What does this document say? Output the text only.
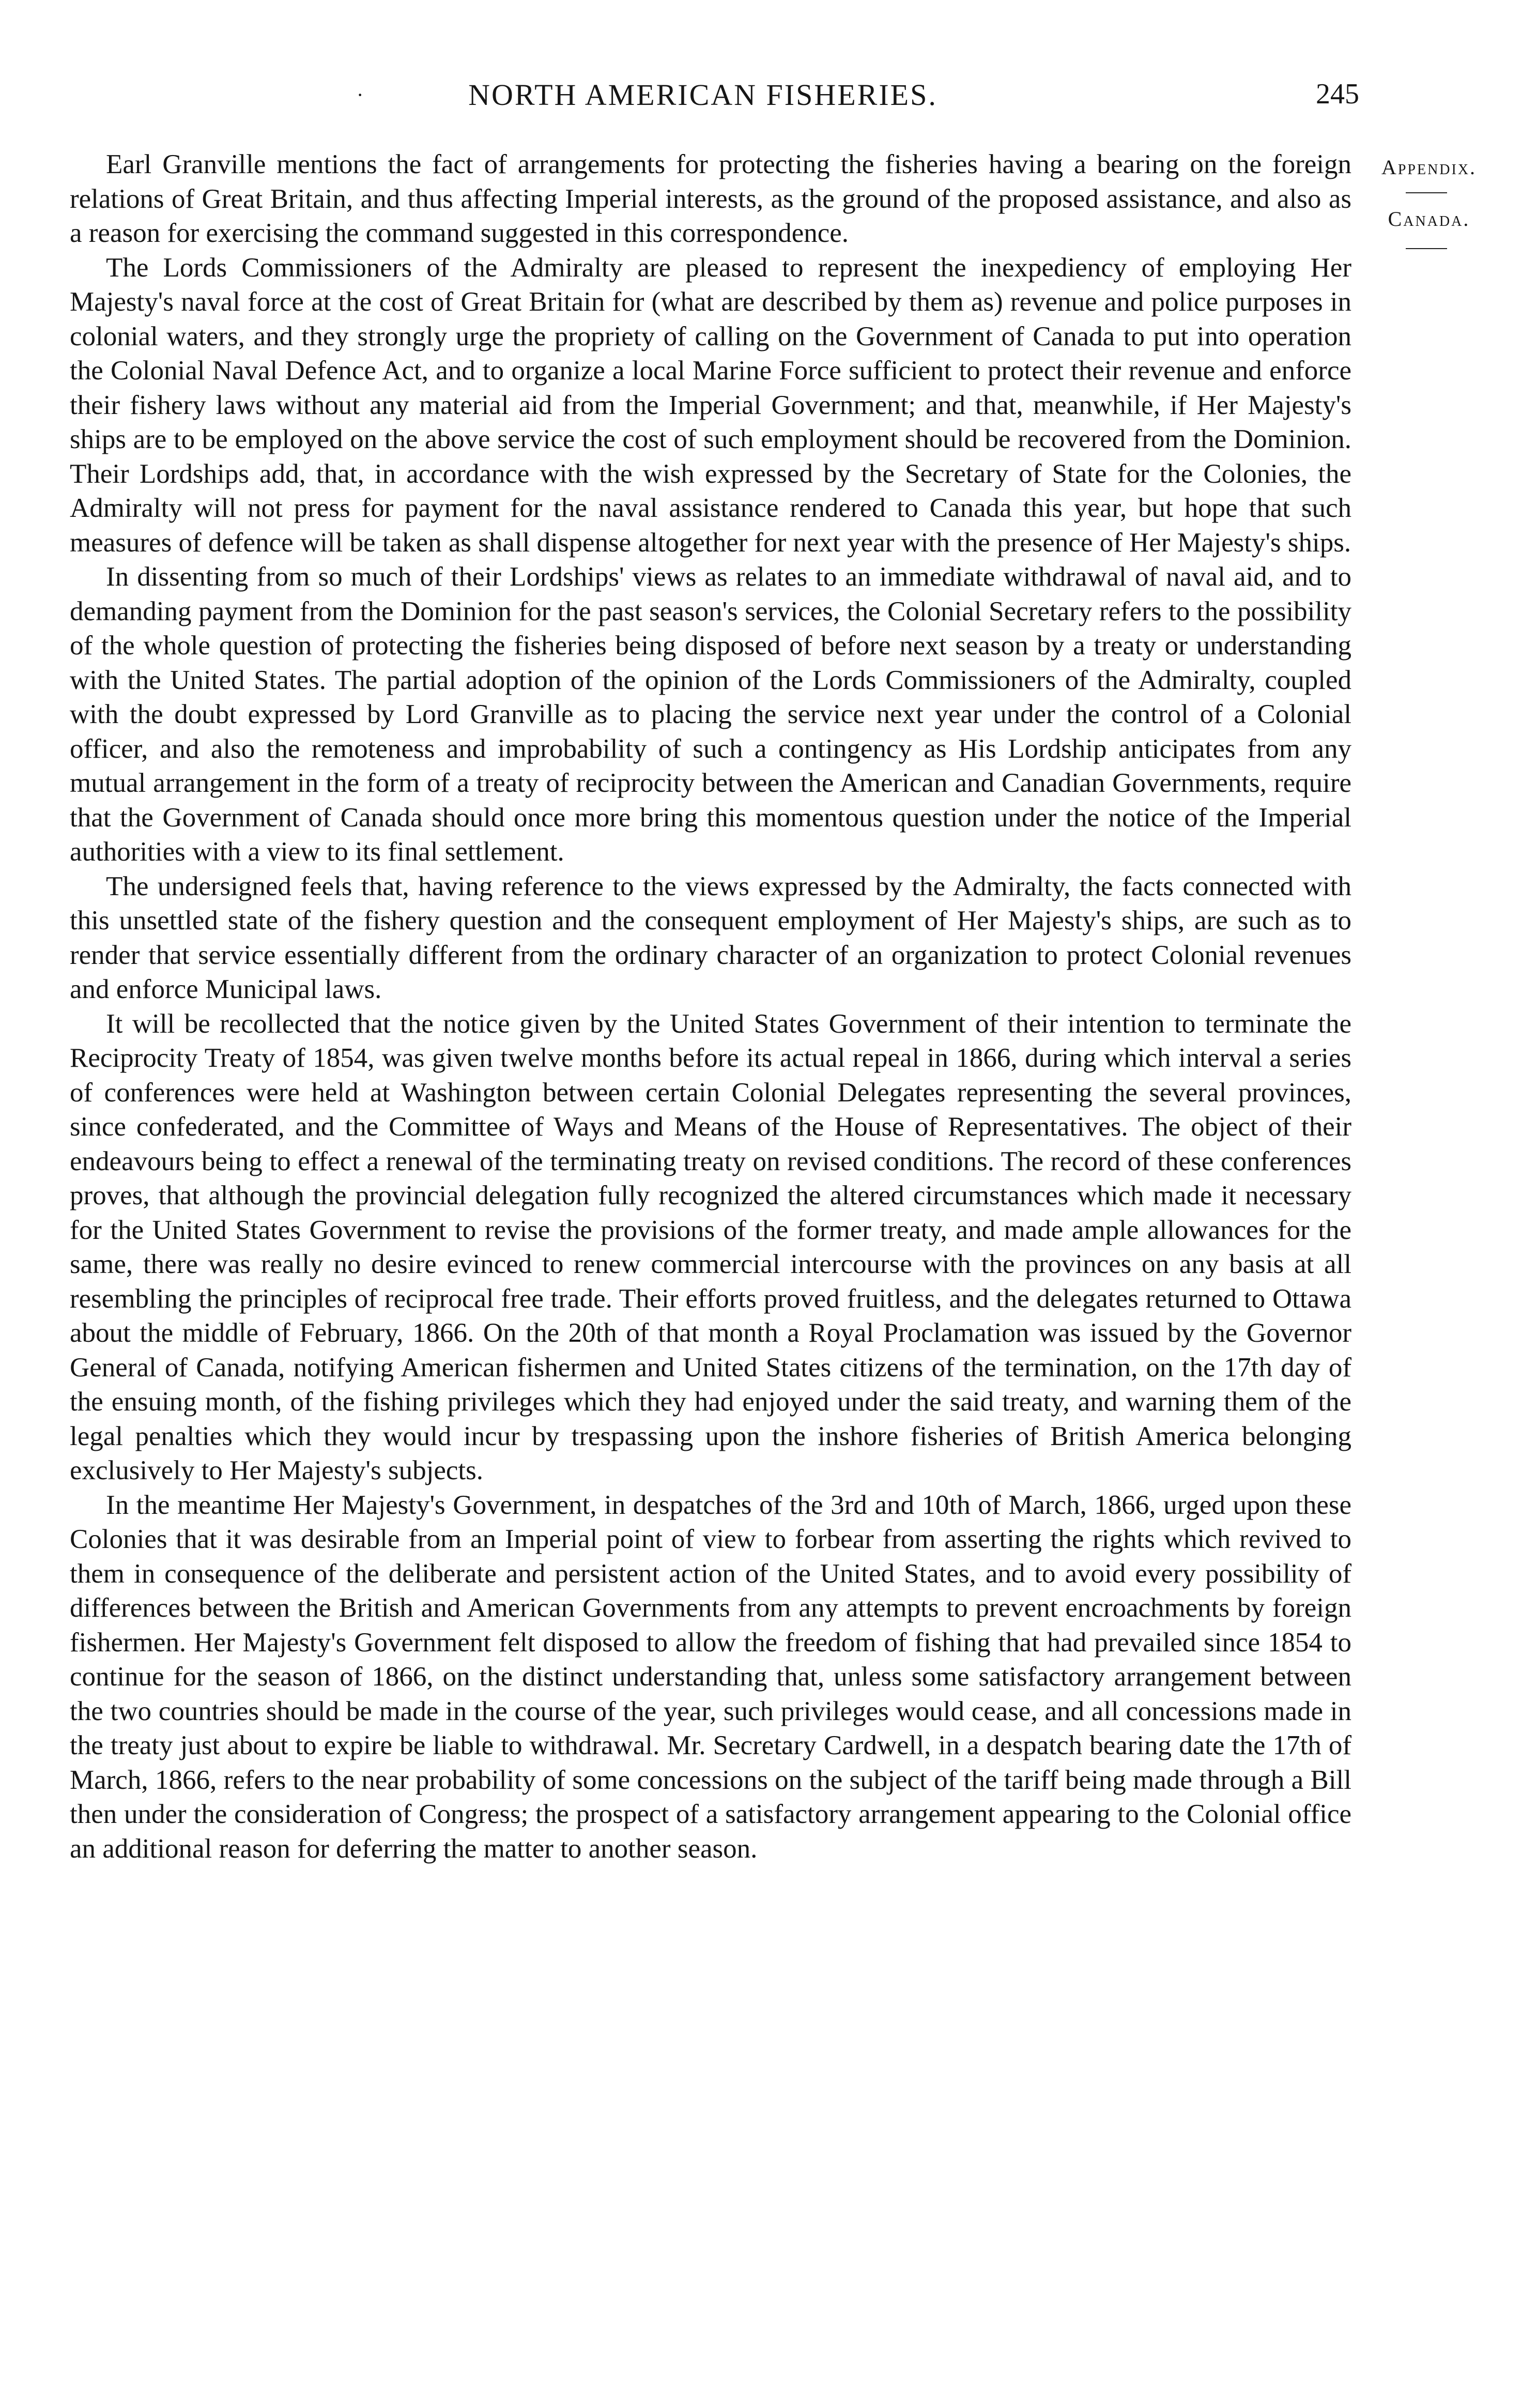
·	NORTH AMERICAN FISHERIES.	245
Appendix.
Canada.

Earl Granville mentions the fact of arrangements for protecting the fisheries having a bearing on the foreign relations of Great Britain, and thus affecting Imperial interests, as the ground of the proposed assistance, and also as a reason for exercising the command suggested in this correspondence.

The Lords Commissioners of the Admiralty are pleased to represent the inexpediency of employing Her Majesty's naval force at the cost of Great Britain for (what are described by them as) revenue and police purposes in colonial waters, and they strongly urge the propriety of calling on the Government of Canada to put into operation the Colonial Naval Defence Act, and to organize a local Marine Force sufficient to protect their revenue and enforce their fishery laws without any material aid from the Imperial Government; and that, meanwhile, if Her Majesty's ships are to be employed on the above service the cost of such employment should be recovered from the Dominion. Their Lordships add, that, in accordance with the wish expressed by the Secretary of State for the Colonies, the Admiralty will not press for payment for the naval assistance rendered to Canada this year, but hope that such measures of defence will be taken as shall dispense altogether for next year with the presence of Her Majesty's ships.

In dissenting from so much of their Lordships' views as relates to an immediate withdrawal of naval aid, and to demanding payment from the Dominion for the past season's services, the Colonial Secretary refers to the possibility of the whole question of protecting the fisheries being disposed of before next season by a treaty or understanding with the United States. The partial adoption of the opinion of the Lords Commissioners of the Admiralty, coupled with the doubt expressed by Lord Granville as to placing the service next year under the control of a Colonial officer, and also the remoteness and improbability of such a contingency as His Lordship anticipates from any mutual arrangement in the form of a treaty of reciprocity between the American and Canadian Governments, require that the Government of Canada should once more bring this momentous question under the notice of the Imperial authorities with a view to its final settlement.

The undersigned feels that, having reference to the views expressed by the Admiralty, the facts connected with this unsettled state of the fishery question and the consequent employment of Her Majesty's ships, are such as to render that service essentially different from the ordinary character of an organization to protect Colonial revenues and enforce Municipal laws.

It will be recollected that the notice given by the United States Government of their intention to terminate the Reciprocity Treaty of 1854, was given twelve months before its actual repeal in 1866, during which interval a series of conferences were held at Washington between certain Colonial Delegates representing the several provinces, since confederated, and the Committee of Ways and Means of the House of Representatives. The object of their endeavours being to effect a renewal of the terminating treaty on revised conditions. The record of these conferences proves, that although the provincial delegation fully recognized the altered circumstances which made it necessary for the United States Government to revise the provisions of the former treaty, and made ample allowances for the same, there was really no desire evinced to renew commercial intercourse with the provinces on any basis at all resembling the principles of reciprocal free trade. Their efforts proved fruitless, and the delegates returned to Ottawa about the middle of February, 1866. On the 20th of that month a Royal Proclamation was issued by the Governor General of Canada, notifying American fishermen and United States citizens of the termination, on the 17th day of the ensuing month, of the fishing privileges which they had enjoyed under the said treaty, and warning them of the legal penalties which they would incur by trespassing upon the inshore fisheries of British America belonging exclusively to Her Majesty's subjects.

In the meantime Her Majesty's Government, in despatches of the 3rd and 10th of March, 1866, urged upon these Colonies that it was desirable from an Imperial point of view to forbear from asserting the rights which revived to them in consequence of the deliberate and persistent action of the United States, and to avoid every possibility of differences between the British and American Governments from any attempts to prevent encroachments by foreign fishermen. Her Majesty's Government felt disposed to allow the freedom of fishing that had prevailed since 1854 to continue for the season of 1866, on the distinct understanding that, unless some satisfactory arrangement between the two countries should be made in the course of the year, such privileges would cease, and all concessions made in the treaty just about to expire be liable to withdrawal. Mr. Secretary Cardwell, in a despatch bearing date the 17th of March, 1866, refers to the near probability of some concessions on the subject of the tariff being made through a Bill then under the consideration of Congress; the prospect of a satisfactory arrangement appearing to the Colonial office an additional reason for deferring the matter to another season.
